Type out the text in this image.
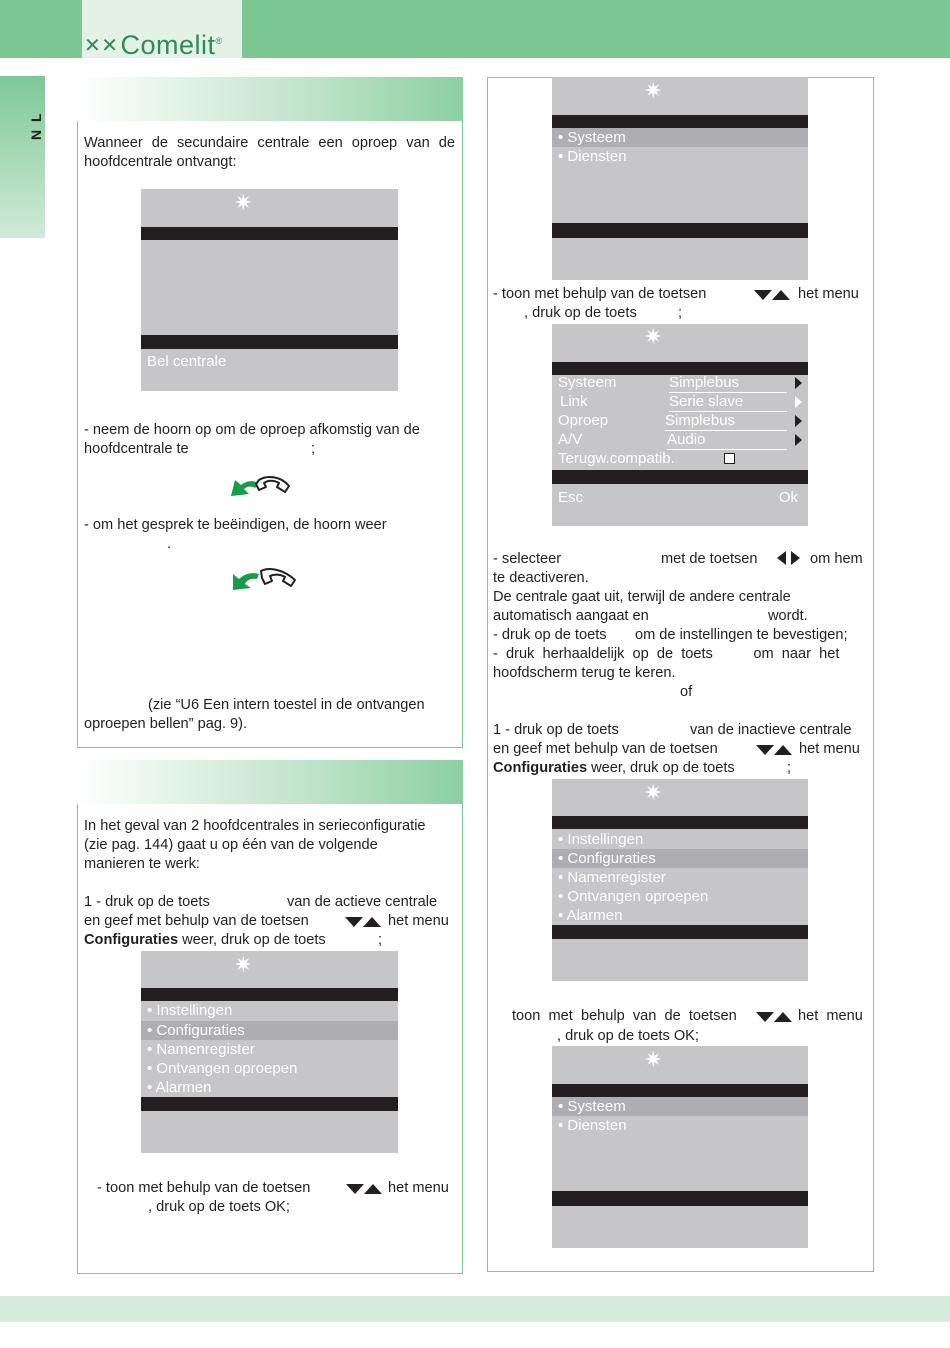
✕✕Comelit®
N L
Wanneer de secundaire centrale een oproep van de hoofdcentrale ontvangt:
✷
Bel centrale
- neem de hoorn op om de oproep afkomstig van de
hoofdcentrale te	;
- om het gesprek te beëindigen, de hoorn weer
.
(zie “U6 Een intern toestel in de ontvangen
oproepen bellen” pag. 9).
In het geval van 2 hoofdcentrales in serieconfiguratie
(zie pag. 144) gaat u op één van de volgende
manieren te werk:
1 - druk op de toets	van de actieve centrale
en geef met behulp van de toetsen	het menu
Configuraties weer, druk op de toets	;
✷
• Instellingen
• Configuraties
• Namenregister
• Ontvangen oproepen
• Alarmen
- toon met behulp van de toetsen	het menu
, druk op de toets OK;
✷
• Systeem
• Diensten
- toon met behulp van de toetsen	het menu
, druk op de toets	;
✷
Systeem	Simplebus
Link	Serie slave
Oproep	Simplebus
A/V	Audio
Terugw.compatib.
Esc	Ok
- selecteer	met de toetsen	om hem
te deactiveren.
De centrale gaat uit, terwijl de andere centrale
automatisch aangaat en	wordt.
- druk op de toets       om de instellingen te bevestigen;
-  druk  herhaaldelijk  op  de  toets          om  naar  het
hoofdscherm terug te keren.
of
1 - druk op de toets	van de inactieve centrale
en geef met behulp van de toetsen	het menu
Configuraties weer, druk op de toets	;
✷
• Instellingen
• Configuraties
• Namenregister
• Ontvangen oproepen
• Alarmen
toon  met  behulp  van  de  toetsen	het  menu
, druk op de toets OK;
✷
• Systeem
• Diensten
